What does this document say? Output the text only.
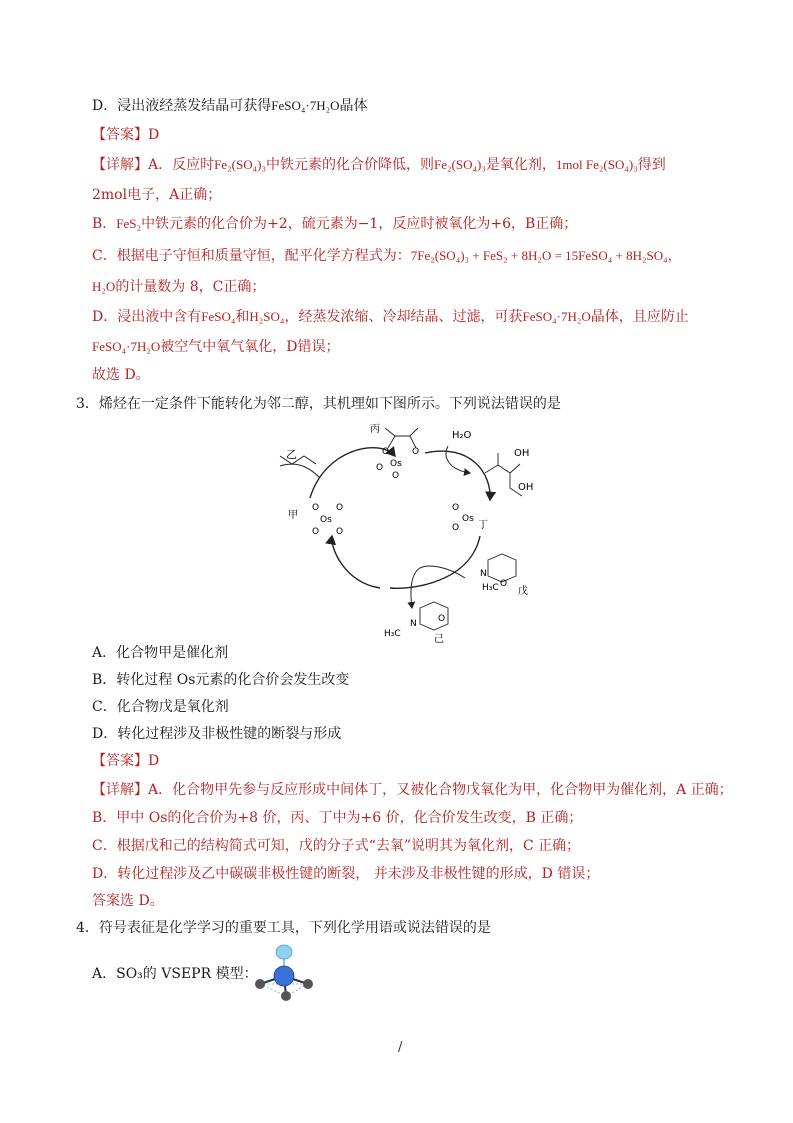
D．浸出液经蒸发结晶可获得FeSO₄·7H₂O晶体
【答案】D
【详解】A．反应时Fe₂(SO₄)₃中铁元素的化合价降低，则Fe₂(SO₄)₃是氧化剂，1mol Fe₂(SO₄)₃得到
2mol电子，A正确；
B．FeS₂中铁元素的化合价为+2，硫元素为−1，反应时被氧化为+6，B正确；
C．根据电子守恒和质量守恒，配平化学方程式为：7Fe₂(SO₄)₃ + FeS₂ + 8H₂O = 15FeSO₄ + 8H₂SO₄，
H₂O的计量数为 8，C正确；
D．浸出液中含有FeSO₄和H₂SO₄，经蒸发浓缩、冷却结晶、过滤，可获FeSO₄·7H₂O晶体，且应防止
FeSO₄·7H₂O被空气中氧气氧化，D错误；
故选 D。
3．烯烃在一定条件下能转化为邻二醇，其机理如下图所示。下列说法错误的是
乙
丙
O	O
Os
O
O
H₂O
OH
OH
O
O
Os
丁
甲
O O
Os
O O
N
H₃C O
戊
N
H₃C
O
己
A．化合物甲是催化剂
B．转化过程 Os元素的化合价会发生改变
C．化合物戊是氧化剂
D．转化过程涉及非极性键的断裂与形成
【答案】D
【详解】A．化合物甲先参与反应形成中间体丁，又被化合物戊氧化为甲，化合物甲为催化剂，A 正确；
B．甲中 Os的化合价为+8 价，丙、丁中为+6 价，化合价发生改变，B 正确；
C．根据戊和己的结构简式可知，戊的分子式“去氧”说明其为氧化剂，C 正确；
D．转化过程涉及乙中碳碳非极性键的断裂， 并未涉及非极性键的形成，D 错误；
答案选 D。
4．符号表征是化学学习的重要工具，下列化学用语或说法错误的是
A．SO₃的 VSEPR 模型：
/
